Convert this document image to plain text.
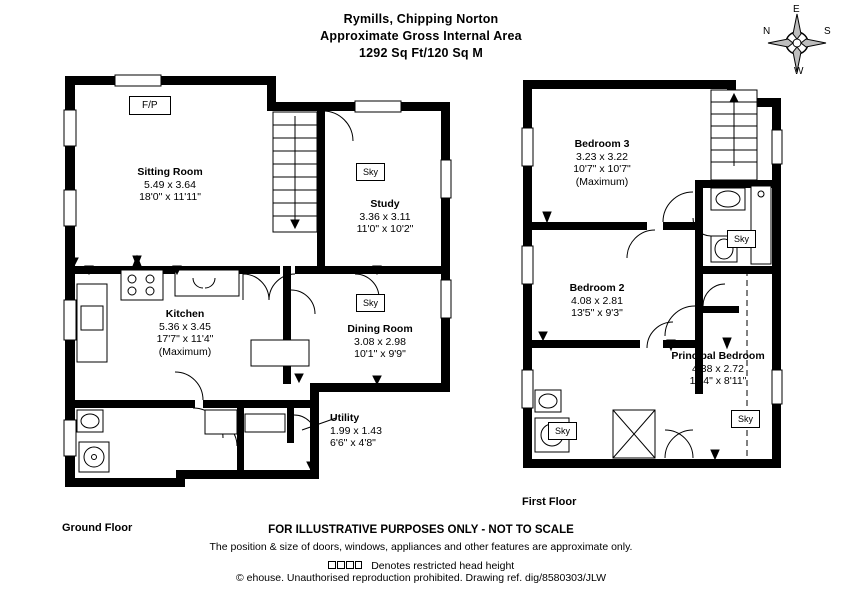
Rymills, Chipping Norton
Approximate Gross Internal Area
1292 Sq Ft/120 Sq M
N
E
S
W
F/P
Sitting Room
5.49 x 3.64
18'0" x 11'11"
Study
3.36 x 3.11
11'0" x 10'2"
Kitchen
5.36 x 3.45
17'7" x 11'4"
(Maximum)
Dining Room
3.08 x 2.98
10'1" x 9'9"
Utility
1.99 x 1.43
6'6" x 4'8"
Sky
Sky
Ground Floor
Bedroom 3
3.23 x 3.22
10'7" x 10'7"
(Maximum)
Bedroom 2
4.08 x 2.81
13'5" x 9'3"
Principal Bedroom
4.38 x 2.72
14'4" x 8'11"
Sky
Sky
Sky
First Floor
FOR ILLUSTRATIVE PURPOSES ONLY - NOT TO SCALE
The position & size of doors, windows, appliances and other features are approximate only.
Denotes restricted head height
© ehouse. Unauthorised reproduction prohibited. Drawing ref. dig/8580303/JLW
